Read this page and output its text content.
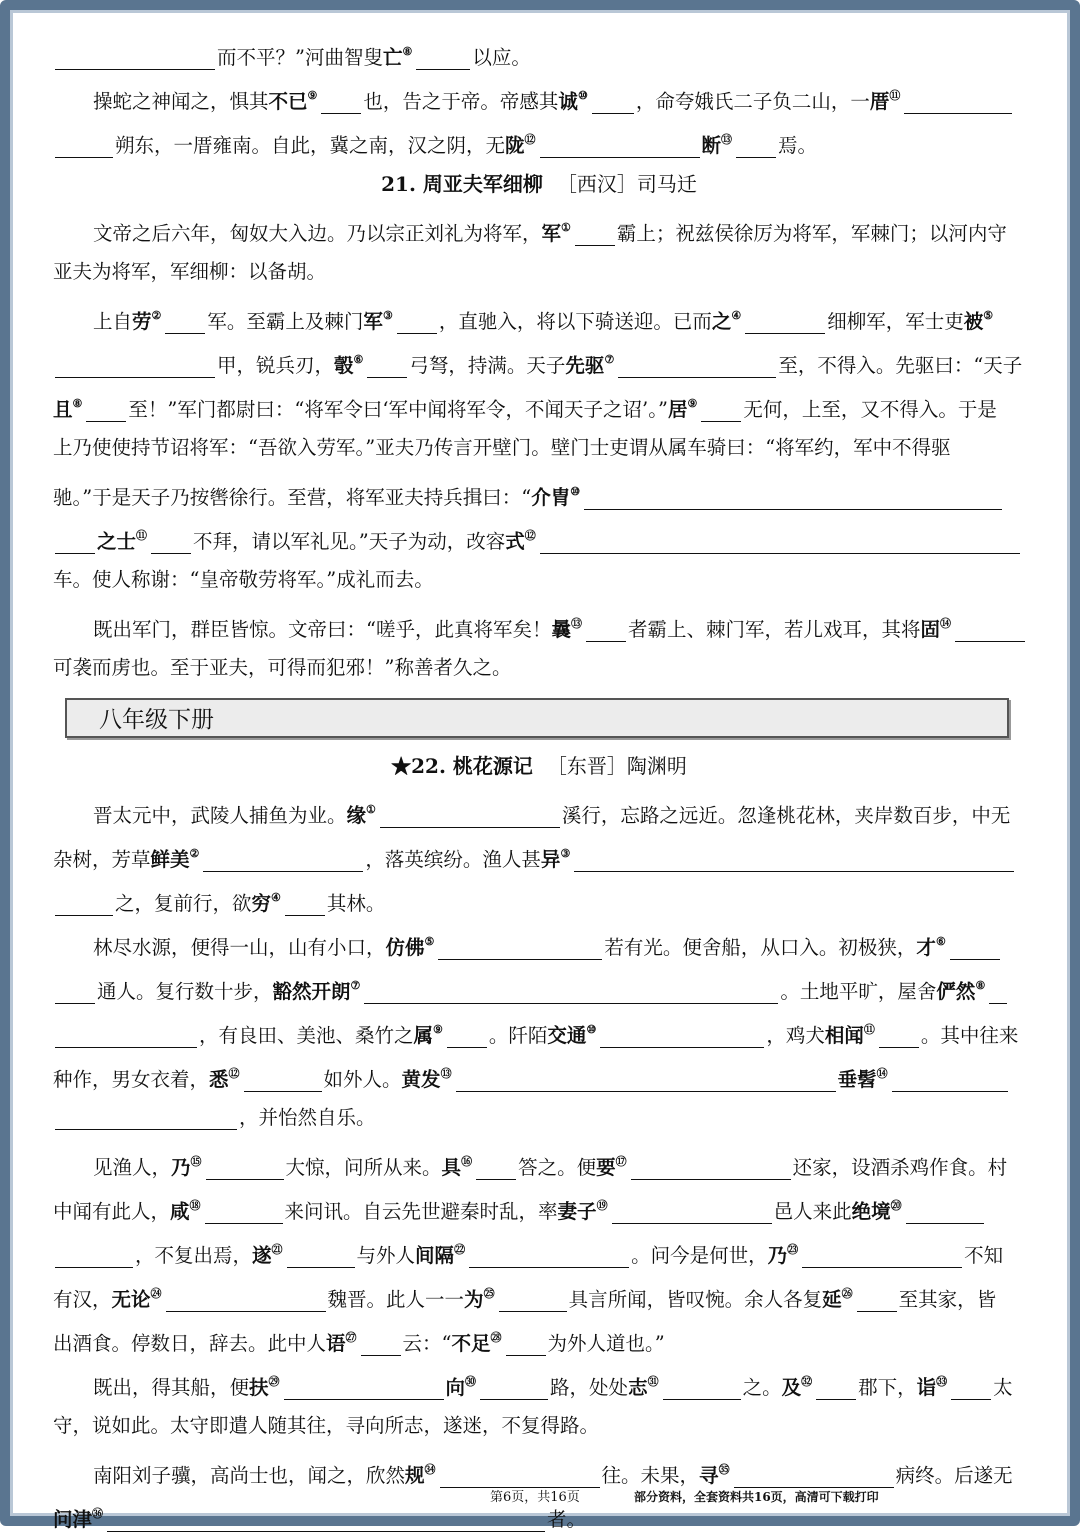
而不平？”河曲智叟亡⑧	以应。
操蛇之神闻之，惧其不已⑨ 也，告之于帝。帝感其诚⑩ ，命夸娥氏二子负二山，一厝⑪
朔东，一厝雍南。自此，冀之南，汉之阴，无陇⑫	断⑬ 焉。
21. 周亚夫军细柳 ［西汉］司马迁
文帝之后六年，匈奴大入边。乃以宗正刘礼为将军，军① 霸上；祝兹侯徐厉为将军，军棘门；以河内守
亚夫为将军，军细柳：以备胡。
上自劳② 军。至霸上及棘门军③ ，直驰入，将以下骑送迎。已而之④	细柳军，军士吏被⑤
甲，锐兵刃，彀⑥ 弓弩，持满。天子先驱⑦	至，不得入。先驱曰：“天子
且⑧ 至！”军门都尉曰：“将军令曰‘军中闻将军令，不闻天子之诏’。”居⑨ 无何，上至，又不得入。于是
上乃使使持节诏将军：“吾欲入劳军。”亚夫乃传言开壁门。壁门士吏谓从属车骑曰：“将军约，军中不得驱
驰。”于是天子乃按辔徐行。至营，将军亚夫持兵揖曰：“介胄⑩
之士⑪ 不拜，请以军礼见。”天子为动，改容式⑫
车。使人称谢：“皇帝敬劳将军。”成礼而去。
既出军门，群臣皆惊。文帝曰：“嗟乎，此真将军矣！曩⑬ 者霸上、棘门军，若儿戏耳，其将固⑭
可袭而虏也。至于亚夫，可得而犯邪！”称善者久之。
八年级下册
★22. 桃花源记 ［东晋］陶渊明
晋太元中，武陵人捕鱼为业。缘①	溪行，忘路之远近。忽逢桃花林，夹岸数百步，中无
杂树，芳草鲜美②	，落英缤纷。渔人甚异③
之，复前行，欲穷④ 其林。
林尽水源，便得一山，山有小口，仿佛⑤	若有光。便舍船，从口入。初极狭，才⑥
通人。复行数十步，豁然开朗⑦	。土地平旷，屋舍俨然⑧
，有良田、美池、桑竹之属⑨ 。阡陌交通⑩	，鸡犬相闻⑪ 。其中往来
种作，男女衣着，悉⑫	如外人。黄发⑬	垂髫⑭
，并怡然自乐。
见渔人，乃⑮	大惊，问所从来。具⑯ 答之。便要⑰	还家，设酒杀鸡作食。村
中闻有此人，咸⑱	来问讯。自云先世避秦时乱，率妻子⑲	邑人来此绝境⑳
，不复出焉，遂$^㉑$	与外人间隔$^㉒$	。问今是何世，乃$^㉓$	不知
有汉，无论$^㉔$	魏晋。此人一一为$^㉕$	具言所闻，皆叹惋。余人各复延$^㉖$ 至其家，皆
出酒食。停数日，辞去。此中人语$^㉗$ 云：“不足$^㉘$ 为外人道也。”
既出，得其船，便扶$^㉙$	向$^㉚$	路，处处志$^㉛$	之。及$^㉜$ 郡下，诣$^㉝$ 太
守，说如此。太守即遣人随其往，寻向所志，遂迷，不复得路。
南阳刘子骥，高尚士也，闻之，欣然规$^㉞$	往。未果，寻$^㉟$	病终。后遂无
问津$^㊱$	者。
第6页，共16页	部分资料，全套资料共16页，高清可下载打印
